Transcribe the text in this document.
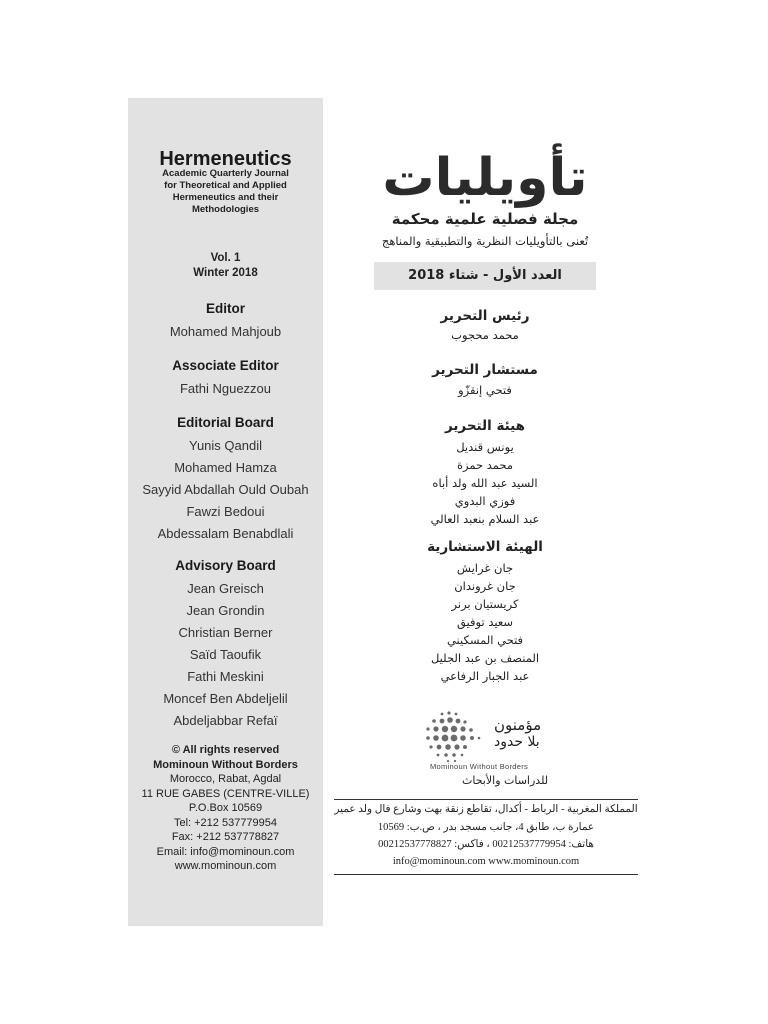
Hermeneutics
Academic Quarterly Journal
for Theoretical and Applied
Hermeneutics and their
Methodologies
Vol. 1
Winter 2018
Editor
Mohamed Mahjoub
Associate Editor
Fathi Nguezzou
Editorial Board
Yunis Qandil
Mohamed Hamza
Sayyid Abdallah Ould Oubah
Fawzi Bedoui
Abdessalam Benabdlali
Advisory Board
Jean Greisch
Jean Grondin
Christian Berner
Saïd Taoufik
Fathi Meskini
Moncef Ben Abdeljelil
Abdeljabbar Refaï
© All rights reserved
Mominoun Without Borders
Morocco, Rabat, Agdal
11 RUE GABES (CENTRE-VILLE)
P.O.Box 10569
Tel: +212 537779954
Fax: +212 537778827
Email: info@mominoun.com
www.mominoun.com
تأويليات
مجلة فصلية علمية محكمة
تُعنى بالتأويليات النظرية والتطبيقية والمناهج
العدد الأول - شتاء 2018
رئيس التحرير
محمد محجوب
مستشار التحرير
فتحي إنقزّو
هيئة التحرير
يونس قنديل
محمد حمزة
السيد عبد الله ولد أباه
فوزي البدوي
عبد السلام بنعبد العالي
الهيئة الاستشارية
جان غرايش
جان غروندان
كريستيان برنر
سعيد توفيق
فتحي المسكيني
المنصف بن عبد الجليل
عبد الجبار الرفاعي
مؤمنون
بلا حدود
Mominoun Without Borders
للدراسات والأبحاث
المملكة المغربية - الرباط - أكدال، تقاطع زنقة بهت وشارع فال ولد عمير
عمارة ب، طابق 4، جانب مسجد بدر ، ص.ب: 10569
هاتف: 00212537779954 ، فاكس: 00212537778827
info@mominoun.com www.mominoun.com
